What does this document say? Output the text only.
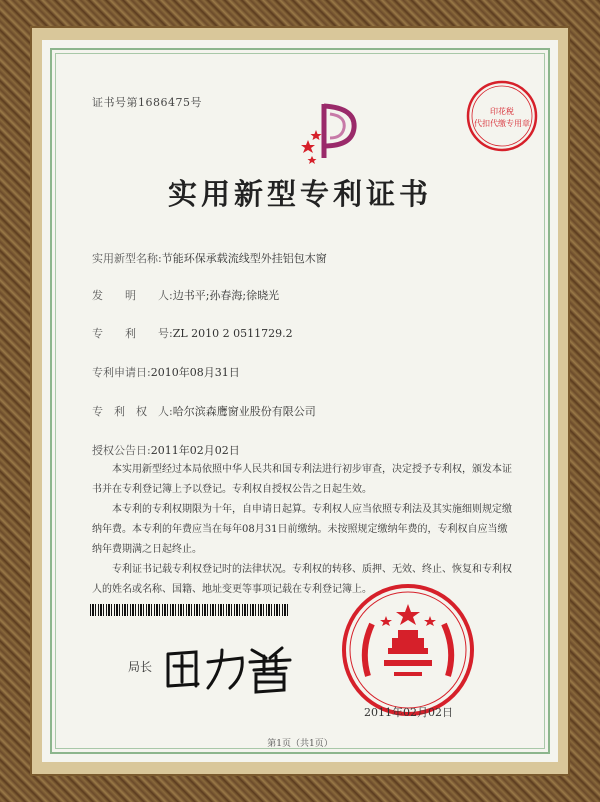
证书号第1686475号
印花税
代扣代缴专用章
实用新型专利证书
实用新型名称:节能环保承载流线型外挂铝包木窗
发　　明　　人:边书平;孙春海;徐晓光
专　　利　　号:ZL 2010 2 0511729.2
专利申请日:2010年08月31日
专　利　权　人:哈尔滨森鹰窗业股份有限公司
授权公告日:2011年02月02日
本实用新型经过本局依照中华人民共和国专利法进行初步审查，决定授予专利权，颁发本证书并在专利登记簿上予以登记。专利权自授权公告之日起生效。
本专利的专利权期限为十年，自申请日起算。专利权人应当依照专利法及其实施细则规定缴纳年费。本专利的年费应当在每年08月31日前缴纳。未按照规定缴纳年费的，专利权自应当缴纳年费期满之日起终止。
专利证书记载专利权登记时的法律状况。专利权的转移、质押、无效、终止、恢复和专利权人的姓名或名称、国籍、地址变更等事项记载在专利登记簿上。
局长
2011年02月02日
第1页（共1页）
